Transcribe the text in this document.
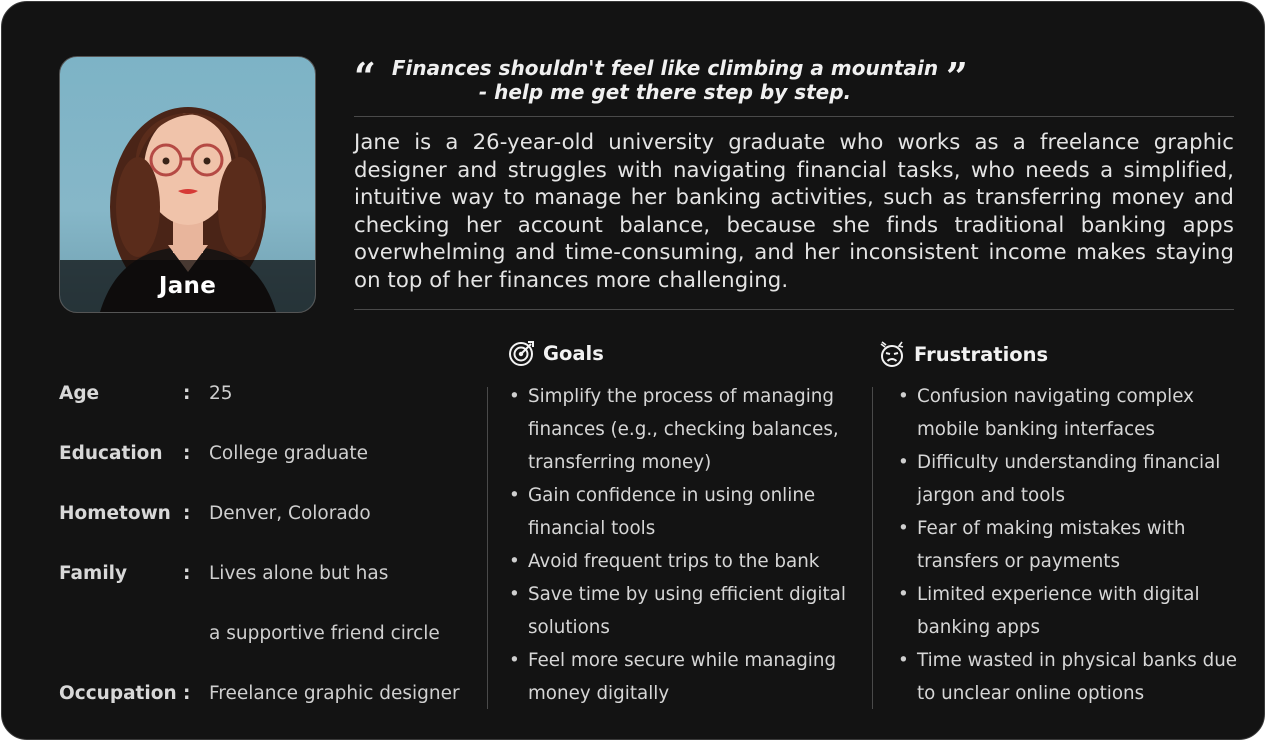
Jane
“ Finances shouldn't feel like climbing a mountain
- help me get there step by step.	”
Jane is a 26-year-old university graduate who works as a freelance graphic designer and struggles with navigating financial tasks, who needs a simplified, intuitive way to manage her banking activities, such as transferring money and checking her account balance, because she finds traditional banking apps overwhelming and time-consuming, and her inconsistent income makes staying on top of her finances more challenging.
Age	: 25
Education : College graduate
Hometown : Denver, Colorado
Family	: Lives alone but has
a supportive friend circle
Occupation : Freelance graphic designer
Goals
• Simplify the process of managing finances (e.g., checking balances, transferring money)
• Gain confidence in using online financial tools
• Avoid frequent trips to the bank
• Save time by using efficient digital solutions
• Feel more secure while managing money digitally
Frustrations
• Confusion navigating complex mobile banking interfaces
• Difficulty understanding financial jargon and tools
• Fear of making mistakes with transfers or payments
• Limited experience with digital banking apps
• Time wasted in physical banks due to unclear online options
